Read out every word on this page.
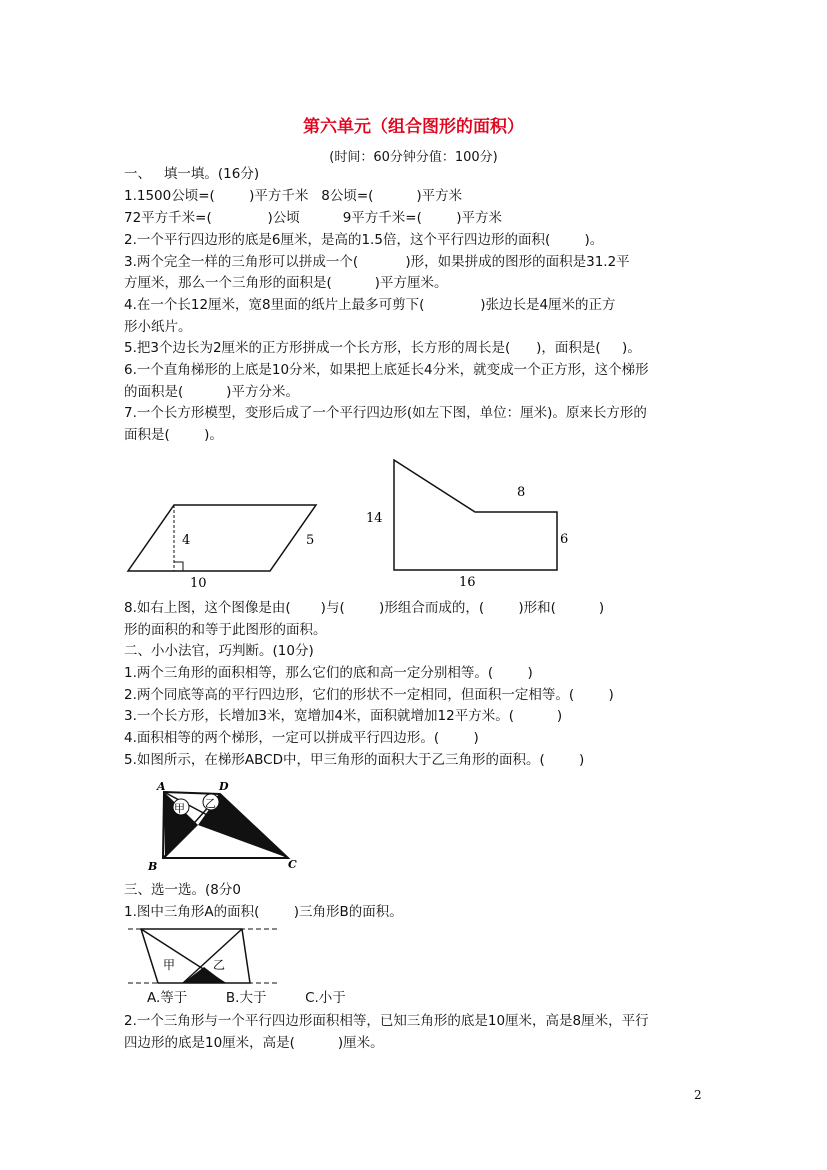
第六单元（组合图形的面积）
(时间：60分钟分值：100分)
一、   填一填。(16分)
1.1500公顷=(        )平方千米   8公顷=(          )平方米
72平方千米=(             )公顷          9平方千米=(        )平方米
2.一个平行四边形的底是6厘米，是高的1.5倍，这个平行四边形的面积(        )。
3.两个完全一样的三角形可以拼成一个(           )形，如果拼成的图形的面积是31.2平
方厘米，那么一个三角形的面积是(          )平方厘米。
4.在一个长12厘米，宽8里面的纸片上最多可剪下(             )张边长是4厘米的正方
形小纸片。
5.把3个边长为2厘米的正方形拼成一个长方形，长方形的周长是(      )，面积是(     )。
6.一个直角梯形的上底是10分米，如果把上底延长4分米，就变成一个正方形，这个梯形
的面积是(          )平方分米。
7.一个长方形模型，变形后成了一个平行四边形(如左下图，单位：厘米)。原来长方形的
面积是(        )。
4	5
10
14
8
6
16
8.如右上图，这个图像是由(       )与(        )形组合而成的，(        )形和(          )
形的面积的和等于此图形的面积。
二、小小法官，巧判断。(10分)
1.两个三角形的面积相等，那么它们的底和高一定分别相等。(        )
2.两个同底等高的平行四边形，它们的形状不一定相同，但面积一定相等。(        )
3.一个长方形，长增加3米，宽增加4米，面积就增加12平方米。(          )
4.面积相等的两个梯形，一定可以拼成平行四边形。(        )
5.如图所示，在梯形ABCD中，甲三角形的面积大于乙三角形的面积。(        )
甲 乙
A	D
B	C
三、选一选。(8分0
1.图中三角形A的面积(        )三角形B的面积。
甲	乙
A.等于         B.大于         C.小于
2.一个三角形与一个平行四边形面积相等，已知三角形的底是10厘米，高是8厘米，平行
四边形的底是10厘米，高是(          )厘米。
2
